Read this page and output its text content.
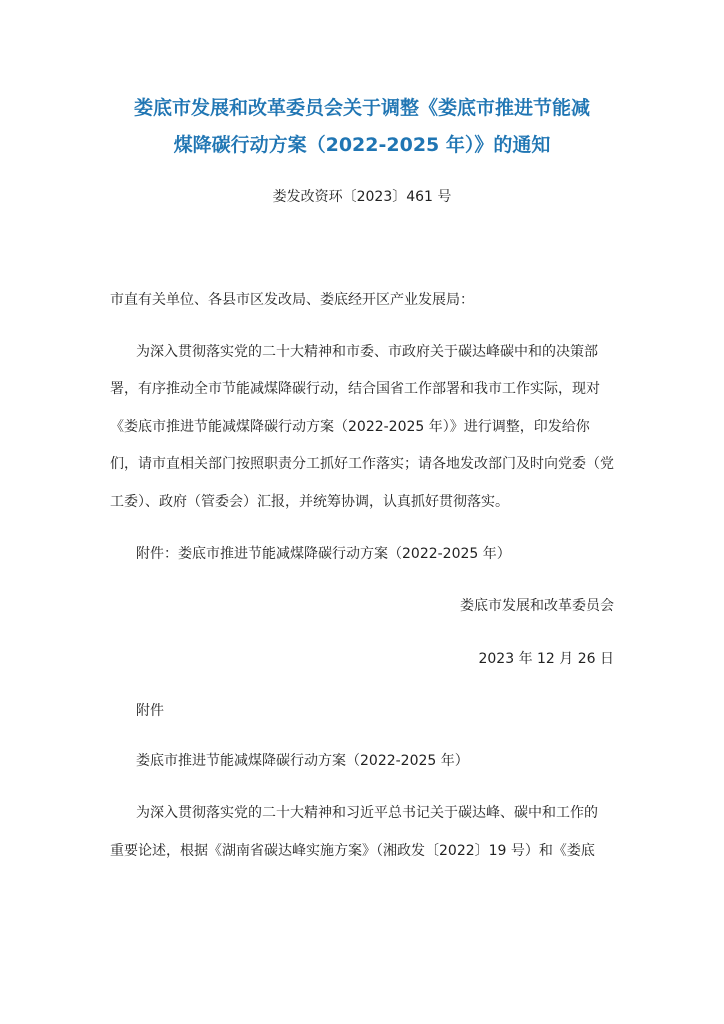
娄底市发展和改革委员会关于调整《娄底市推进节能减
煤降碳行动方案（2022-2025 年）》的通知
娄发改资环〔2023〕461 号
市直有关单位、各县市区发改局、娄底经开区产业发展局：
为深入贯彻落实党的二十大精神和市委、市政府关于碳达峰碳中和的决策部
署，有序推动全市节能减煤降碳行动，结合国省工作部署和我市工作实际，现对
《娄底市推进节能减煤降碳行动方案（2022-2025 年）》进行调整，印发给你
们，请市直相关部门按照职责分工抓好工作落实；请各地发改部门及时向党委（党
工委）、政府（管委会）汇报，并统筹协调，认真抓好贯彻落实。
附件：娄底市推进节能减煤降碳行动方案（2022-2025 年）
娄底市发展和改革委员会
2023 年 12 月 26 日
附件
娄底市推进节能减煤降碳行动方案（2022-2025 年）
为深入贯彻落实党的二十大精神和习近平总书记关于碳达峰、碳中和工作的
重要论述，根据《湖南省碳达峰实施方案》（湘政发〔2022〕19 号）和《娄底
